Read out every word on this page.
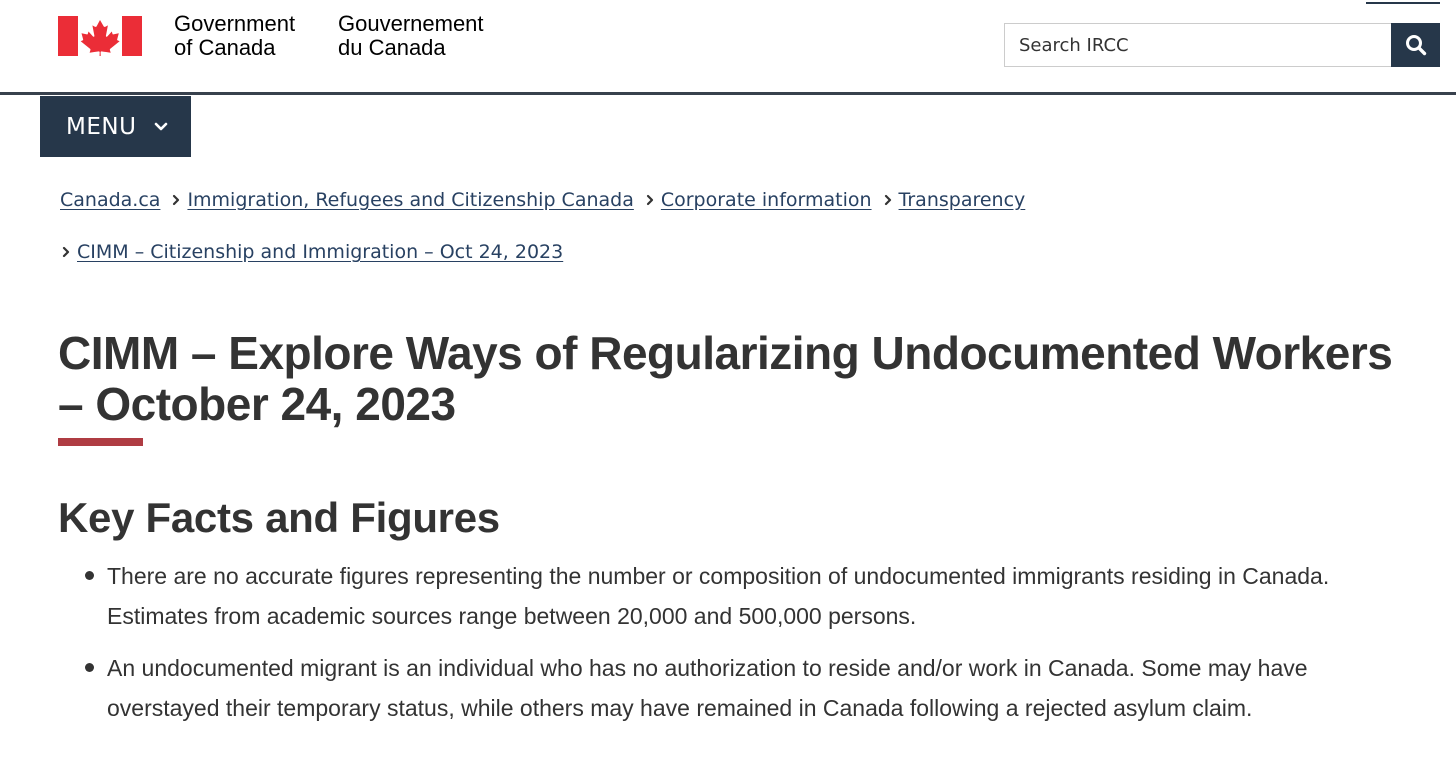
Government
of Canada
Gouvernement
du Canada
Search IRCC
MENU
Canada.ca Immigration, Refugees and Citizenship Canada Corporate information Transparency
CIMM – Citizenship and Immigration – Oct 24, 2023
CIMM – Explore Ways of Regularizing Undocumented Workers – October 24, 2023
Key Facts and Figures
There are no accurate figures representing the number or composition of undocumented immigrants residing in Canada. Estimates from academic sources range between 20,000 and 500,000 persons.
An undocumented migrant is an individual who has no authorization to reside and/or work in Canada. Some may have overstayed their temporary status, while others may have remained in Canada following a rejected asylum claim.
